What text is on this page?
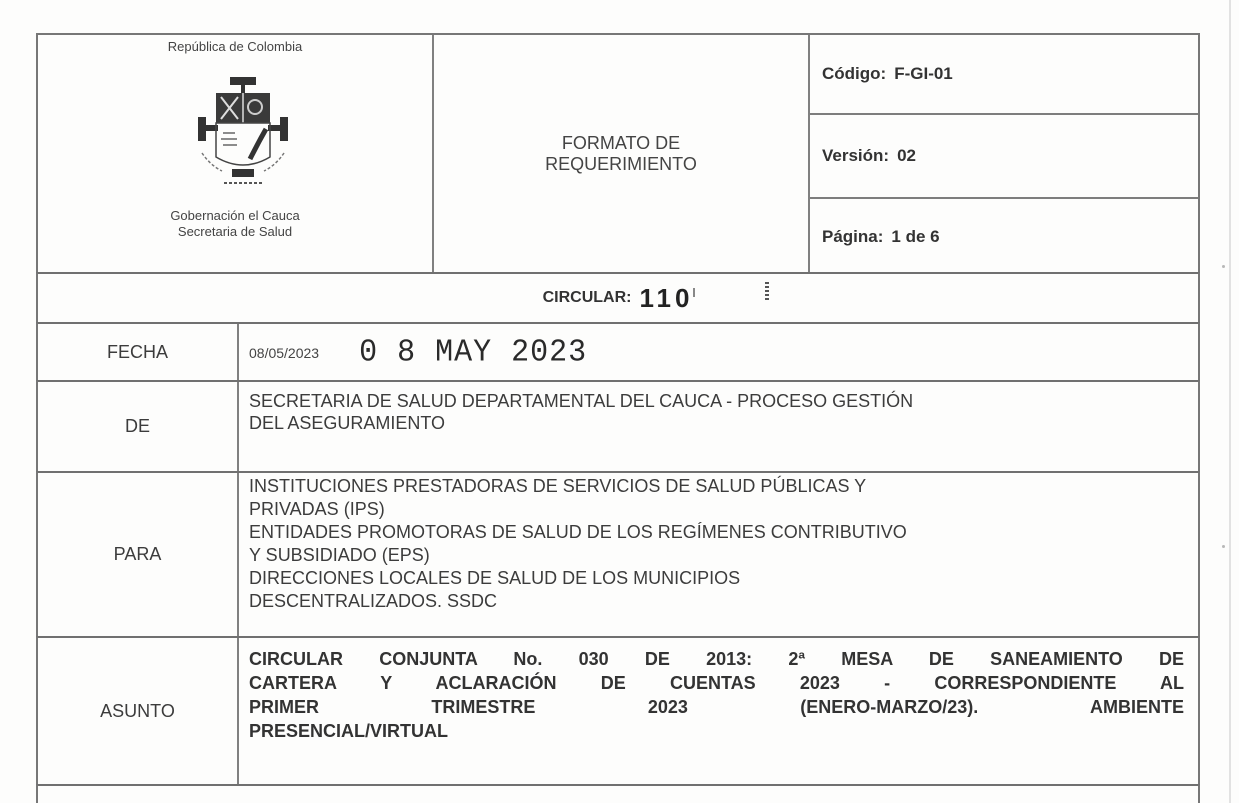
República de Colombia
Gobernación el Cauca
Secretaria de Salud
FORMATO DE
REQUERIMIENTO
Código: F-GI-01
Versión: 02
Página: 1 de 6
CIRCULAR: 110
FECHA	08/05/2023 0 8 MAY 2023
DE
SECRETARIA DE SALUD DEPARTAMENTAL DEL CAUCA - PROCESO GESTIÓN
DEL ASEGURAMIENTO
PARA
INSTITUCIONES PRESTADORAS DE SERVICIOS DE SALUD PÚBLICAS Y
PRIVADAS (IPS)
ENTIDADES PROMOTORAS DE SALUD DE LOS REGÍMENES CONTRIBUTIVO
Y SUBSIDIADO (EPS)
DIRECCIONES LOCALES DE SALUD DE LOS MUNICIPIOS
DESCENTRALIZADOS. SSDC
ASUNTO
CIRCULAR CONJUNTA No. 030 DE 2013: 2ª MESA DE SANEAMIENTO DE
CARTERA Y ACLARACIÓN DE CUENTAS 2023 - CORRESPONDIENTE AL
PRIMER TRIMESTRE 2023 (ENERO-MARZO/23). AMBIENTE
PRESENCIAL/VIRTUAL
